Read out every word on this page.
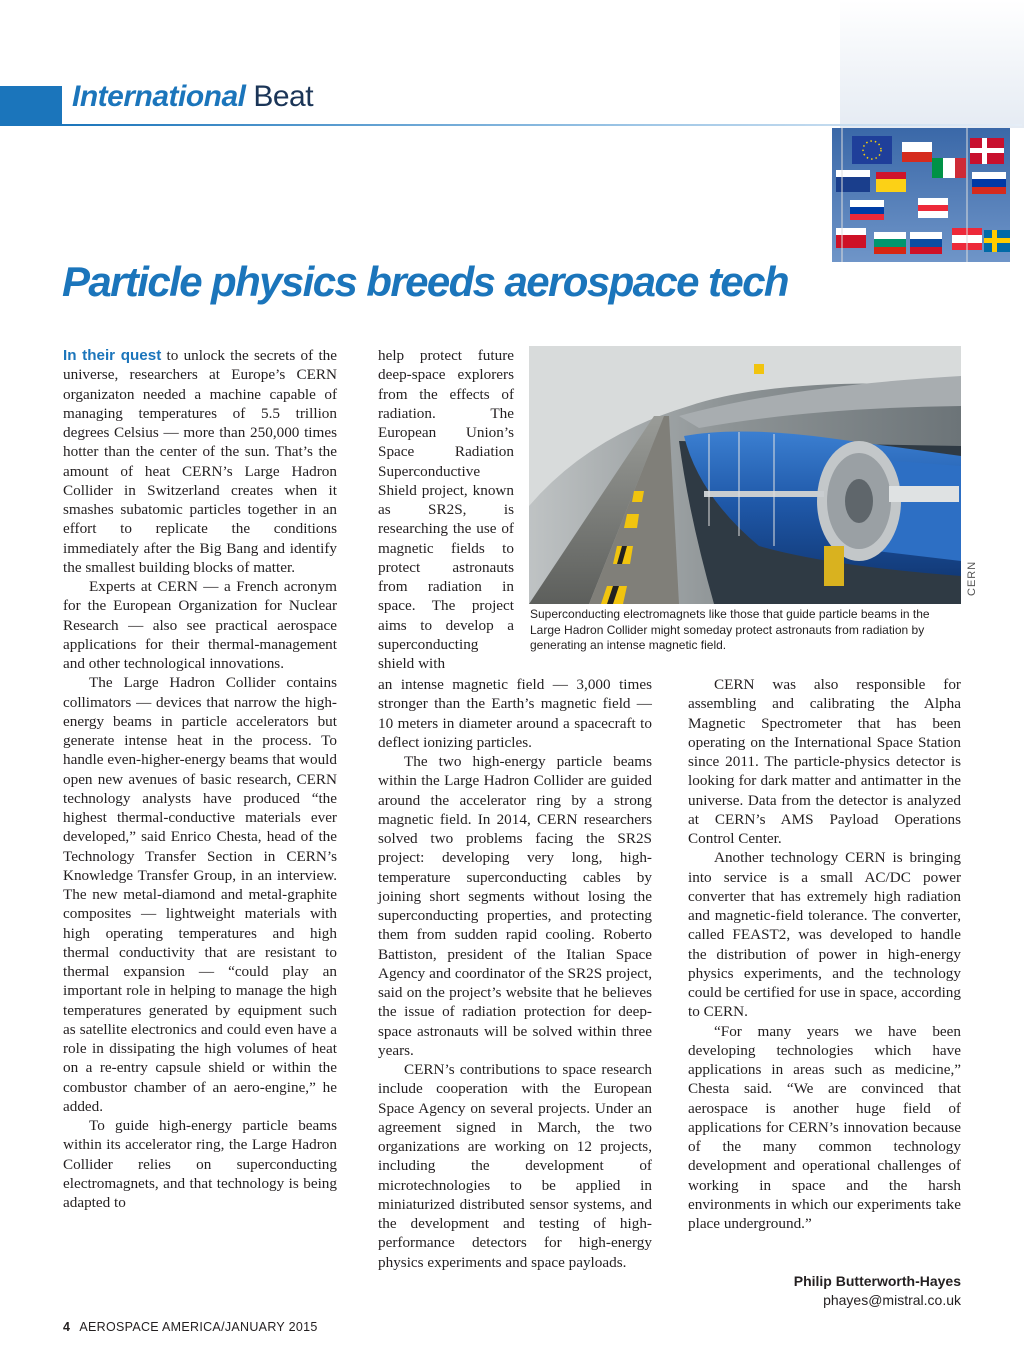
International Beat
Particle physics breeds aerospace tech

In their quest to unlock the secrets of the universe, researchers at Europe’s CERN organizaton needed a machine capable of managing temperatures of 5.5 trillion degrees Celsius — more than 250,000 times hotter than the center of the sun. That’s the amount of heat CERN’s Large Hadron Collider in Switzerland creates when it smashes subatomic particles together in an effort to replicate the conditions immediately after the Big Bang and identify the smallest building blocks of matter.

Experts at CERN — a French acronym for the European Organization for Nuclear Research — also see practical aerospace applications for their thermal-management and other technological innovations.

The Large Hadron Collider contains collimators — devices that narrow the high-energy beams in particle accelerators but generate intense heat in the process. To handle even-higher-energy beams that would open new avenues of basic research, CERN technology analysts have produced “the highest thermal-conductive materials ever developed,” said Enrico Chesta, head of the Technology Transfer Section in CERN’s Knowledge Transfer Group, in an interview. The new metal-diamond and metal-graphite composites — lightweight materials with high operating temperatures and high thermal conductivity that are resistant to thermal expansion — “could play an important role in helping to manage the high temperatures generated by equipment such as satellite electronics and could even have a role in dissipating the high volumes of heat on a re-entry capsule shield or within the combustor chamber of an aero-engine,” he added.

To guide high-energy particle beams within its accelerator ring, the Large Hadron Collider relies on superconducting electromagnets, and that technology is being adapted to

help protect future deep-space explorers from the effects of radiation. The European Union’s Space Radiation Superconductive Shield project, known as SR2S, is researching the use of magnetic fields to protect astronauts from radiation in space. The project aims to develop a superconducting shield with

CERN
Superconducting electromagnets like those that guide particle beams in the Large Hadron Collider might someday protect astronauts from radiation by generating an intense magnetic field.

an intense magnetic field — 3,000 times stronger than the Earth’s magnetic field — 10 meters in diameter around a spacecraft to deflect ionizing particles.

The two high-energy particle beams within the Large Hadron Collider are guided around the accelerator ring by a strong magnetic field. In 2014, CERN researchers solved two problems facing the SR2S project: developing very long, high-temperature superconducting cables by joining short segments without losing the superconducting properties, and protecting them from sudden rapid cooling. Roberto Battiston, president of the Italian Space Agency and coordinator of the SR2S project, said on the project’s website that he believes the issue of radiation protection for deep-space astronauts will be solved within three years.

CERN’s contributions to space research include cooperation with the European Space Agency on several projects. Under an agreement signed in March, the two organizations are working on 12 projects, including the development of microtechnologies to be applied in miniaturized distributed sensor systems, and the development and testing of high-performance detectors for high-energy physics experiments and space payloads.

CERN was also responsible for assembling and calibrating the Alpha Magnetic Spectrometer that has been operating on the International Space Station since 2011. The particle-physics detector is looking for dark matter and antimatter in the universe. Data from the detector is analyzed at CERN’s AMS Payload Operations Control Center.

Another technology CERN is bringing into service is a small AC/DC power converter that has extremely high radiation and magnetic-field tolerance. The converter, called FEAST2, was developed to handle the distribution of power in high-energy physics experiments, and the technology could be certified for use in space, according to CERN.

“For many years we have been developing technologies which have applications in areas such as medicine,” Chesta said. “We are convinced that aerospace is another huge field of applications for CERN’s innovation because of the many common technology development and operational challenges of working in space and the harsh environments in which our experiments take place underground.”

Philip Butterworth-Hayes
phayes@mistral.co.uk
4 AEROSPACE AMERICA/JANUARY 2015
